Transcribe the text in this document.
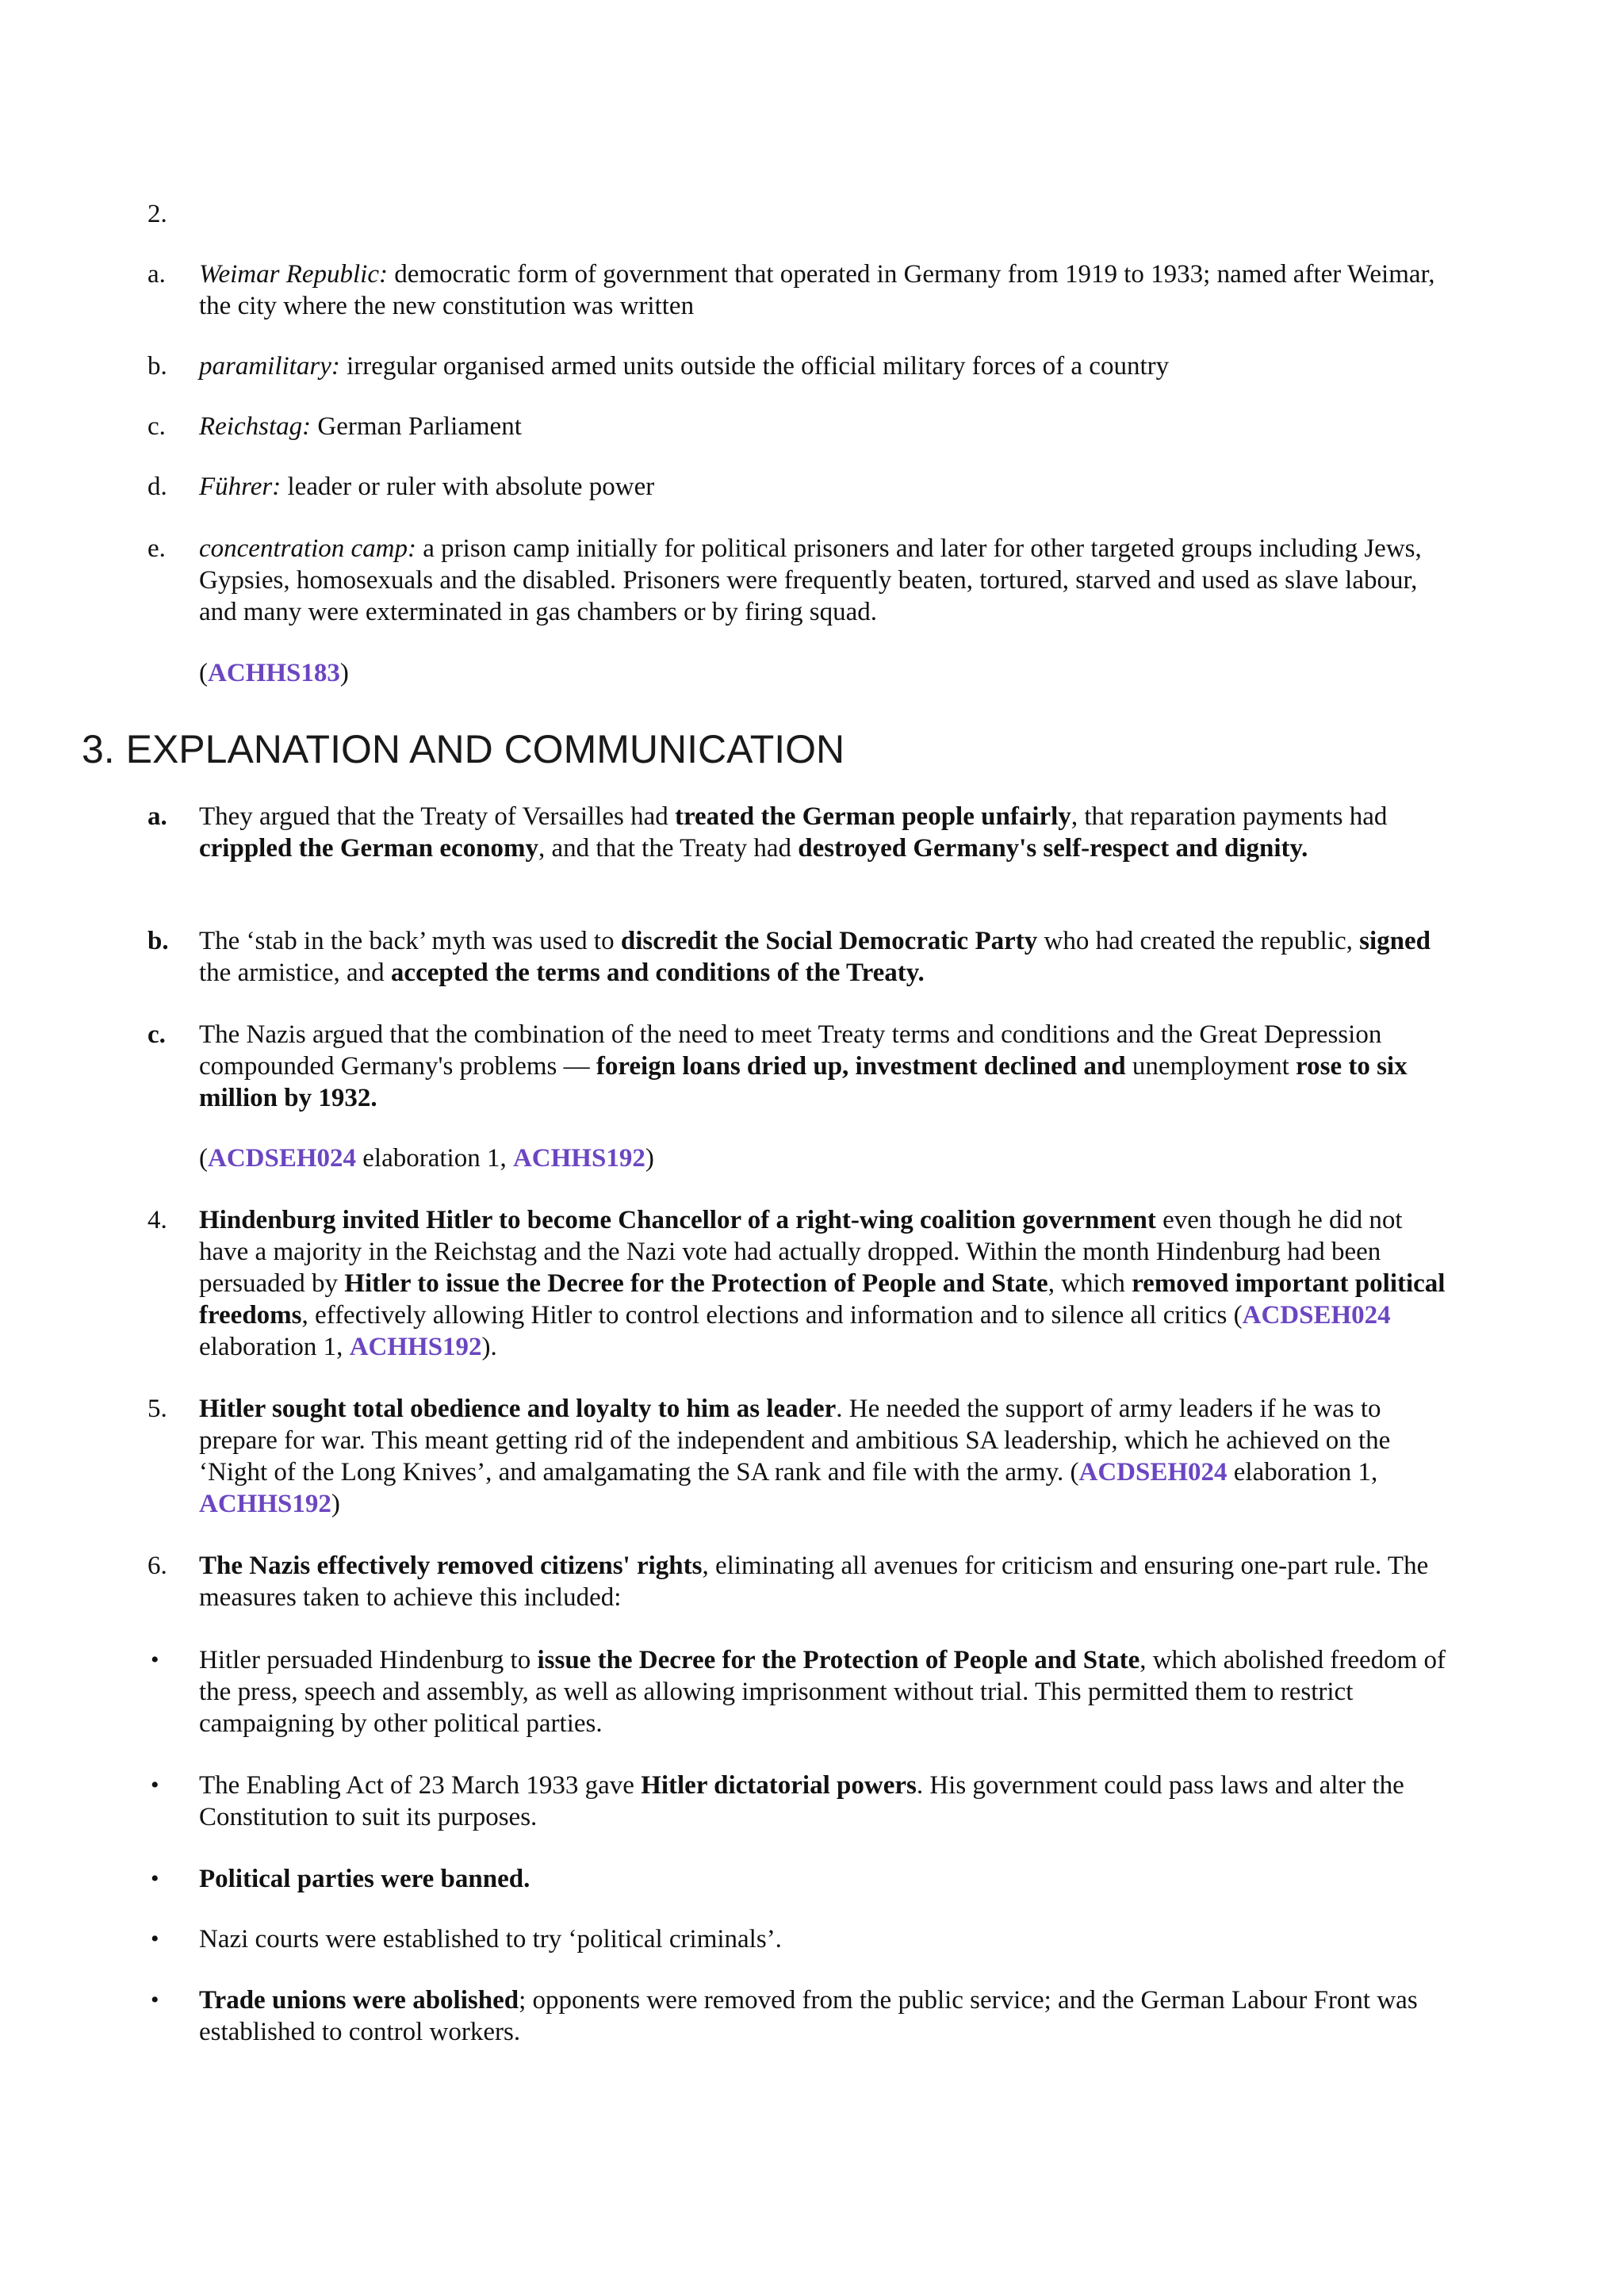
2.
a.	Weimar Republic: democratic form of government that operated in Germany from 1919 to 1933; named after Weimar, the city where the new constitution was written

b.	paramilitary: irregular organised armed units outside the official military forces of a country

c.	Reichstag: German Parliament

d.	Führer: leader or ruler with absolute power

e.	concentration camp: a prison camp initially for political prisoners and later for other targeted groups including Jews, Gypsies, homosexuals and the disabled. Prisoners were frequently beaten, tortured, starved and used as slave labour, and many were exterminated in gas chambers or by firing squad.

(ACHHS183)
3. EXPLANATION AND COMMUNICATION
a.	They argued that the Treaty of Versailles had treated the German people unfairly, that reparation payments had crippled the German economy, and that the Treaty had destroyed Germany's self-respect and dignity.

b.	The ‘stab in the back’ myth was used to discredit the Social Democratic Party who had created the republic, signed the armistice, and accepted the terms and conditions of the Treaty.

c.	The Nazis argued that the combination of the need to meet Treaty terms and conditions and the Great Depression compounded Germany's problems — foreign loans dried up, investment declined and unemployment rose to six million by 1932.

(ACDSEH024 elaboration 1, ACHHS192)
4.	Hindenburg invited Hitler to become Chancellor of a right-wing coalition government even though he did not have a majority in the Reichstag and the Nazi vote had actually dropped. Within the month Hindenburg had been persuaded by Hitler to issue the Decree for the Protection of People and State, which removed important political freedoms, effectively allowing Hitler to control elections and information and to silence all critics (ACDSEH024 elaboration 1, ACHHS192).

5.	Hitler sought total obedience and loyalty to him as leader. He needed the support of army leaders if he was to prepare for war. This meant getting rid of the independent and ambitious SA leadership, which he achieved on the ‘Night of the Long Knives’, and amalgamating the SA rank and file with the army. (ACDSEH024 elaboration 1, ACHHS192)

6.	The Nazis effectively removed citizens' rights, eliminating all avenues for criticism and ensuring one-part rule. The measures taken to achieve this included:

• Hitler persuaded Hindenburg to issue the Decree for the Protection of People and State, which abolished freedom of the press, speech and assembly, as well as allowing imprisonment without trial. This permitted them to restrict campaigning by other political parties.

• The Enabling Act of 23 March 1933 gave Hitler dictatorial powers. His government could pass laws and alter the Constitution to suit its purposes.

• Political parties were banned.

• Nazi courts were established to try ‘political criminals’.

• Trade unions were abolished; opponents were removed from the public service; and the German Labour Front was established to control workers.
